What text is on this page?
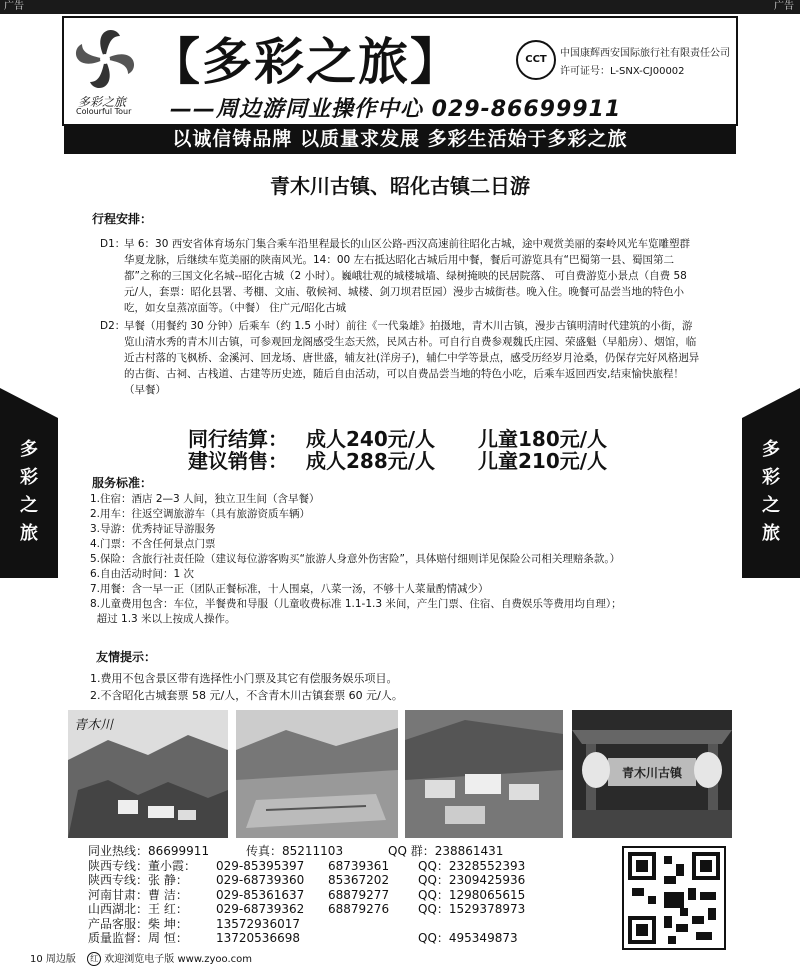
广告	广告
多彩之旅
Colourful Tour
【多彩之旅】
——周边游同业操作中心 029-86699911
CCT
中国康辉西安国际旅行社有限责任公司
许可证号：L-SNX-CJ00002
以诚信铸品牌 以质量求发展 多彩生活始于多彩之旅
多
彩
之
旅
多
彩
之
旅
青木川古镇、昭化古镇二日游
行程安排：
D1：
早 6：30 西安省体育场东门集合乘车沿里程最长的山区公路-西汉高速前往昭化古城，途中观赏美丽的秦岭风光车览雕塑群华夏龙脉，后继续车览美丽的陕南风光。14：00 左右抵达昭化古城后用中餐，餐后可游览具有“巴蜀第一县、蜀国第二都”之称的三国文化名城--昭化古城（2 小时）。巍峨壮观的城楼城墙、绿树掩映的民居院落、 可自费游览小景点（自费 58 元/人，套票：昭化县署、考棚、文庙、敬候祠、城楼、剑刀坝君臣园）漫步古城街巷。晚入住。晚餐可品尝当地的特色小吃，如女皇蒸凉面等。（中餐） 住广元/昭化古城
D2：
早餐（用餐约 30 分钟）后乘车（约 1.5 小时）前往《一代枭雄》拍摄地，青木川古镇，漫步古镇明清时代建筑的小街，游览山清水秀的青木川古镇，可参观回龙阁感受生态天然，民风古朴。可自行自费参观魏氏庄园、荣盛魁（早船房）、烟馆，临近古村落的飞枫桥、金溪河、回龙场、唐世盛，辅友社(洋房子)，辅仁中学等景点，感受历经岁月沧桑，仍保存完好风格迥异的古街、古祠、古栈道、古建等历史迹，随后自由活动，可以自费品尝当地的特色小吃，后乘车返回西安,结束愉快旅程！ （早餐）
同行结算： 成人240元/人 儿童180元/人
建议销售： 成人288元/人 儿童210元/人
服务标准：
1.住宿：酒店 2—3 人间，独立卫生间（含早餐）
2.用车：往返空调旅游车（具有旅游资质车辆）
3.导游：优秀持证导游服务
4.门票：不含任何景点门票
5.保险：含旅行社责任险（建议每位游客购买“旅游人身意外伤害险”，具体赔付细则详见保险公司相关理赔条款。）
6.自由活动时间：1 次
7.用餐：含一早一正（团队正餐标准，十人围桌，八菜一汤，不够十人菜量酌情减少）
8.儿童费用包含：车位，半餐费和导服（儿童收费标准 1.1-1.3 米间，产生门票、住宿、自费娱乐等费用均自理）；
超过 1.3 米以上按成人操作。
友情提示：
1.费用不包含景区带有选择性小门票及其它有偿服务娱乐项目。
2.不含昭化古城套票 58 元/人，不含青木川古镇套票 60 元/人。
青木川
青木川古镇
同业热线：86699911	传真：85211103	QQ 群：238861431
陕西专线：董小霞： 029-85395397 68739361 QQ：2328552393
陕西专线：张 静： 029-68739360 85367202 QQ：2309425936
河南甘肃：曹 洁： 029-85361637 68879277 QQ：1298065615
山西湖北：王 红： 029-68739362 68879276 QQ：1529378973
产品客服：柴 坤： 13572936017
质量监督：周 恒： 13720536698	QQ：495349873
10 周边版 红 欢迎浏览电子版 www.zyoo.com
